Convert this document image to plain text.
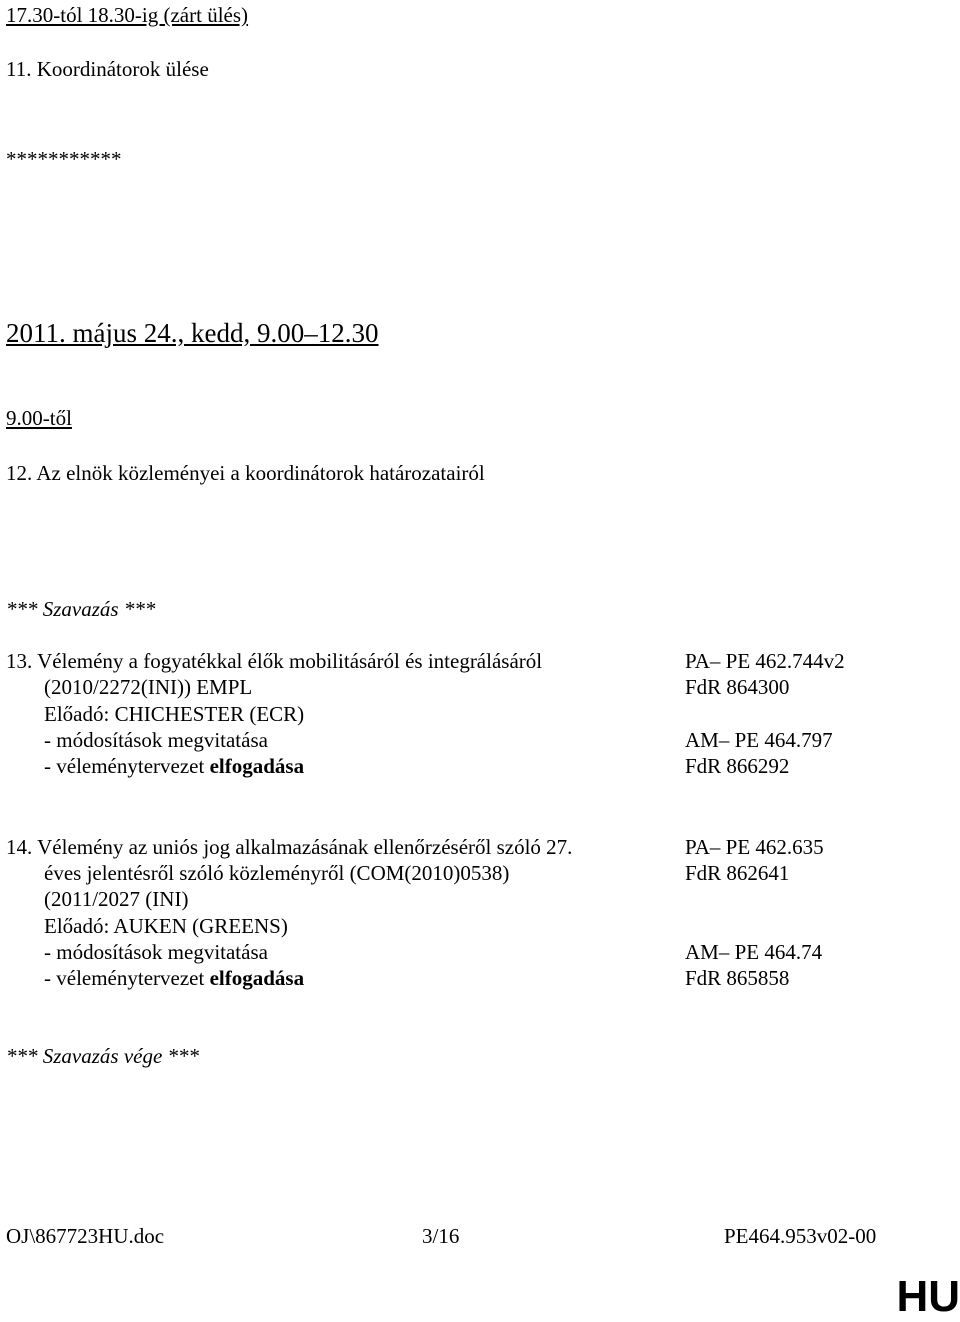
17.30-tól 18.30-ig (zárt ülés)
11. Koordinátorok ülése
***********
2011. május 24., kedd, 9.00–12.30
9.00-től
12. Az elnök közleményei a koordinátorok határozatairól
*** Szavazás ***
13. Vélemény a fogyatékkal élők mobilitásáról és integrálásáról
(2010/2272(INI)) EMPL
Előadó: CHICHESTER (ECR)
- módosítások megvitatása
- véleménytervezet elfogadása
PA– PE 462.744v2
FdR 864300
AM– PE 464.797
FdR 866292
14. Vélemény az uniós jog alkalmazásának ellenőrzéséről szóló 27.
éves jelentésről szóló közleményről (COM(2010)0538)
(2011/2027 (INI)
Előadó: AUKEN (GREENS)
- módosítások megvitatása
- véleménytervezet elfogadása
PA– PE 462.635
FdR 862641
AM– PE 464.74
FdR 865858
*** Szavazás vége ***
OJ\867723HU.doc	3/16	PE464.953v02-00
HU
